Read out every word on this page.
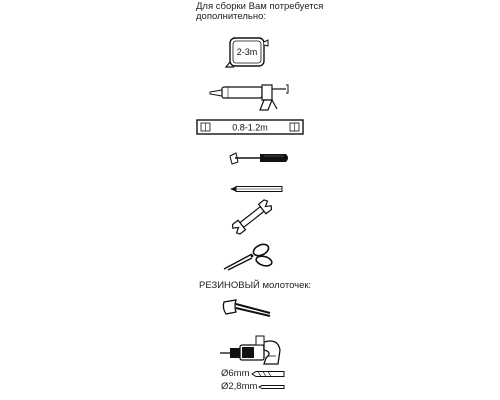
Для сборки Вам потребуется
дополнительно:
2-3m
0.8-1.2m
РЕЗИНОВЫЙ молоточек:
Ø6mm
Ø2,8mm
